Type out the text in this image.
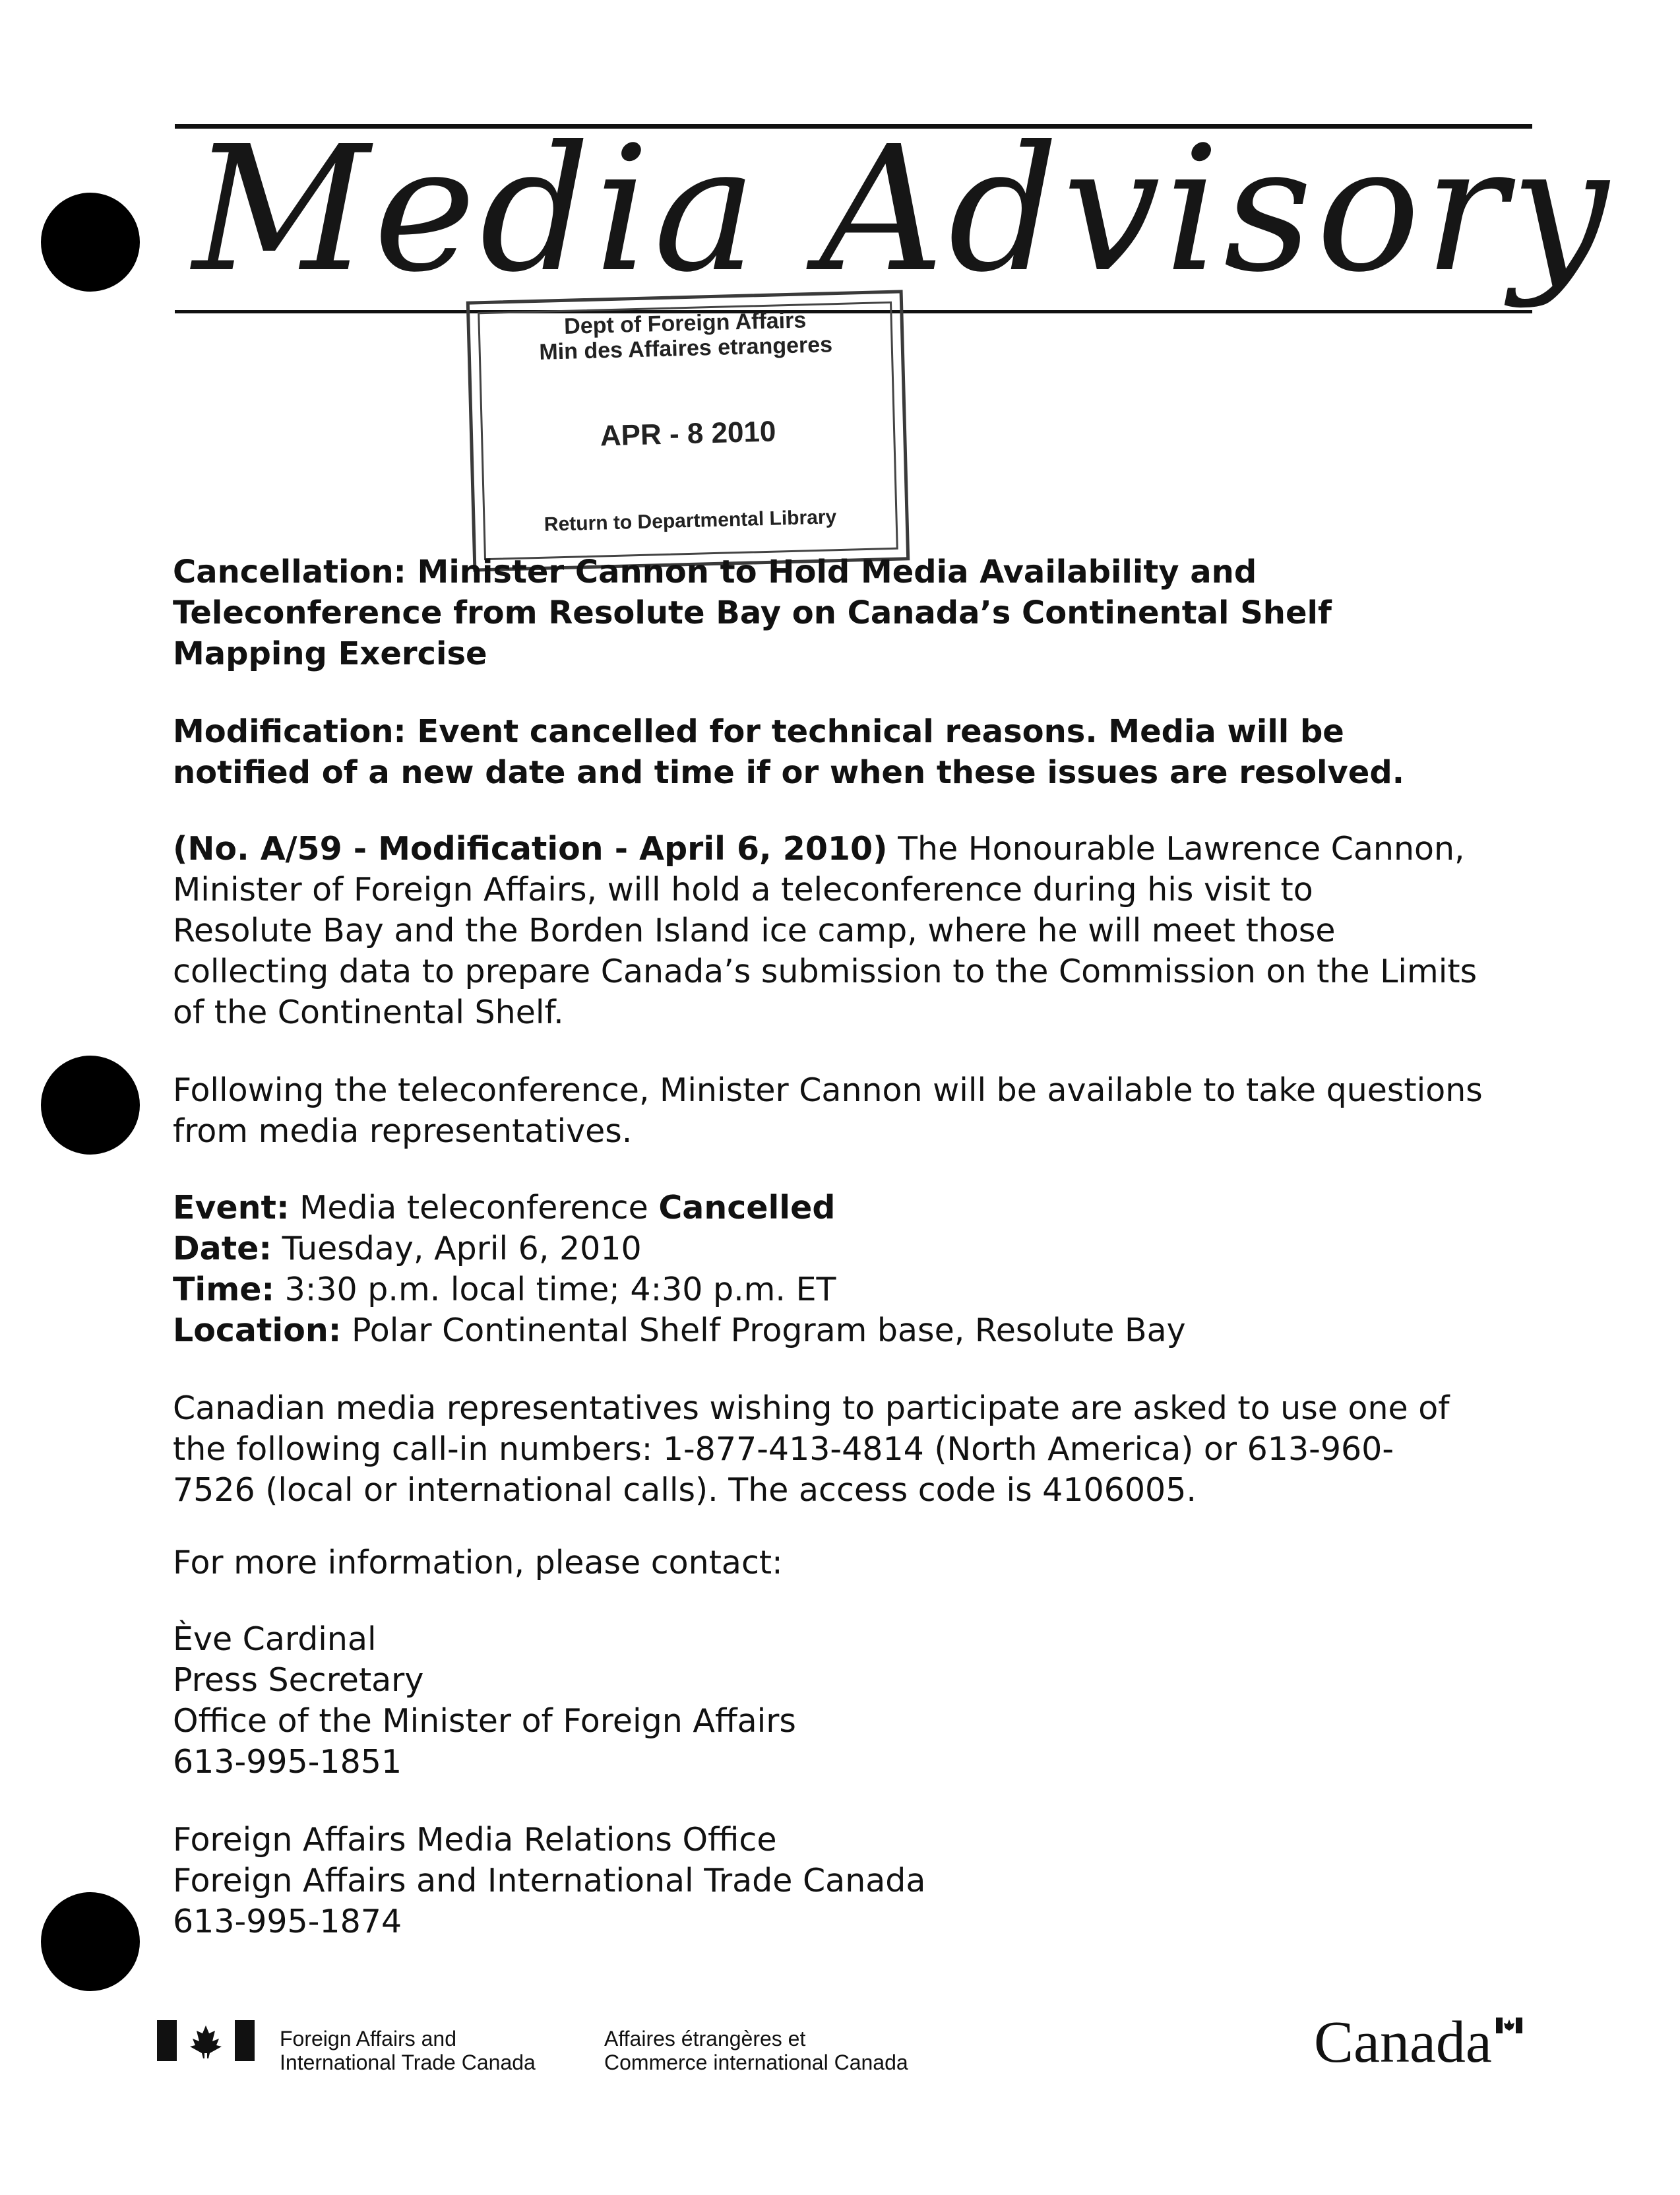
Media Advisory
Dept of Foreign Affairs
Min des Affaires etrangeres
APR - 8 2010
Return to Departmental Library
Cancellation: Minister Cannon to Hold Media Availability and
Teleconference from Resolute Bay on Canada’s Continental Shelf
Mapping Exercise
Modification: Event cancelled for technical reasons. Media will be
notified of a new date and time if or when these issues are resolved.
(No. A/59 - Modification - April 6, 2010) The Honourable Lawrence Cannon,
Minister of Foreign Affairs, will hold a teleconference during his visit to
Resolute Bay and the Borden Island ice camp, where he will meet those
collecting data to prepare Canada’s submission to the Commission on the Limits
of the Continental Shelf.
Following the teleconference, Minister Cannon will be available to take questions
from media representatives.
Event: Media teleconference Cancelled
Date: Tuesday, April 6, 2010
Time: 3:30 p.m. local time; 4:30 p.m. ET
Location: Polar Continental Shelf Program base, Resolute Bay
Canadian media representatives wishing to participate are asked to use one of
the following call-in numbers: 1-877-413-4814 (North America) or 613-960-
7526 (local or international calls). The access code is 4106005.
For more information, please contact:
Ève Cardinal
Press Secretary
Office of the Minister of Foreign Affairs
613-995-1851
Foreign Affairs Media Relations Office
Foreign Affairs and International Trade Canada
613-995-1874
Foreign Affairs and
International Trade Canada
Affaires étrangères et
Commerce international Canada	Canada
